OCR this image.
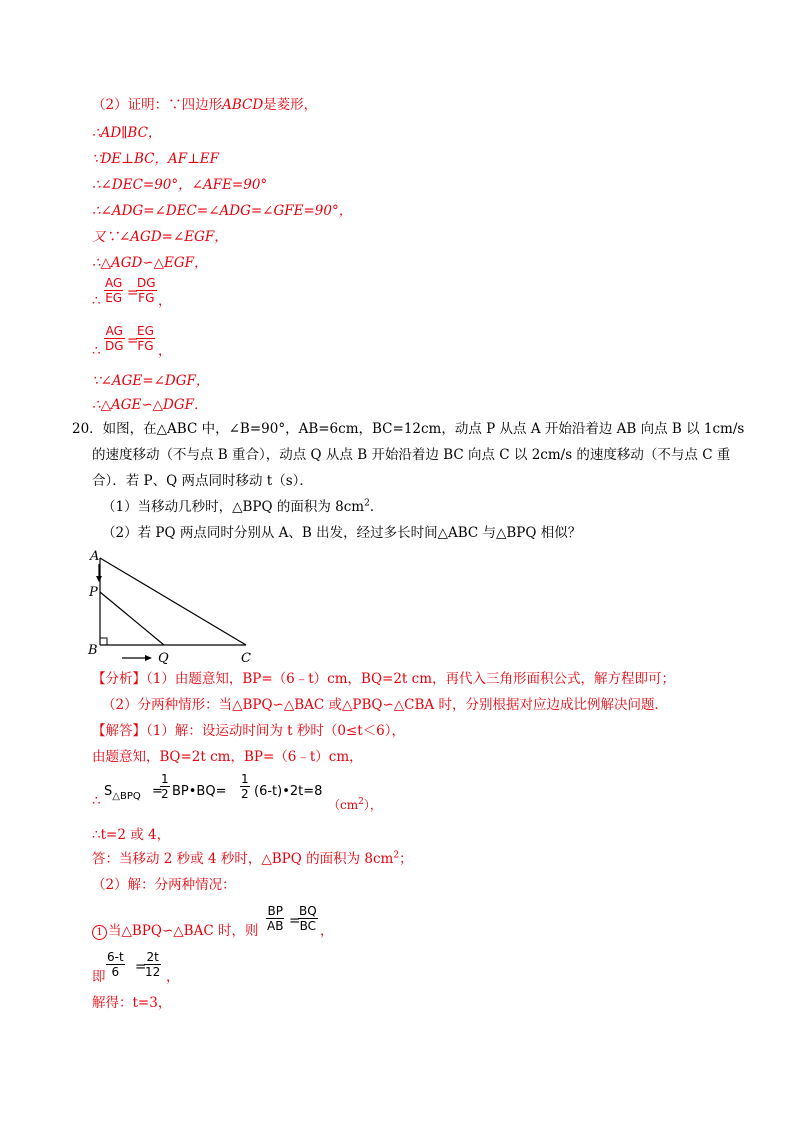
（2）证明：∵四边形ABCD是菱形，
∴AD∥BC，
∵DE⊥BC，AF⊥EF
∴∠DEC=90°，∠AFE=90°
∴∠ADG=∠DEC=∠ADG=∠GFE=90°，
又∵∠AGD=∠EGF，
∴△AGD∽△EGF，
∴
AG
EG =
DG
FG ，
∴
AG
DG =
EG
FG ，
∵∠AGE=∠DGF，
∴△AGE∽△DGF．
20．如图，在△ABC 中，∠B=90°，AB=6cm，BC=12cm，动点 P 从点 A 开始沿着边 AB 向点 B 以 1cm/s
的速度移动（不与点 B 重合），动点 Q 从点 B 开始沿着边 BC 向点 C 以 2cm/s 的速度移动（不与点 C 重
合）．若 P、Q 两点同时移动 t（s）．
（1）当移动几秒时，△BPQ 的面积为 $8cm^2$．
（2）若 PQ 两点同时分别从 A、B 出发，经过多长时间△ABC 与△BPQ 相似？
A
P
B
Q	C
【分析】（1）由题意知，BP=（6﹣t）cm，BQ=2t cm，再代入三角形面积公式，解方程即可；
（2）分两种情形：当△BPQ∽△BAC 或△PBQ∽△CBA 时，分别根据对应边成比例解决问题．
【解答】（1）解：设运动时间为 t 秒时（0≤t＜6），
由题意知，BQ=2t cm，BP=（6﹣t）cm，
∴
$S_{\triangle BPQ}$ =
1
2 BP•BQ=
1
2 (6-t)•2t=8
$(cm^2)$，
∴t=2 或 4，
答：当移动 2 秒或 4 秒时，△BPQ 的面积为 $8cm^2$；
（2）解：分两种情况：
1 当△BPQ∽△BAC 时，则
BP
AB =
BQ
BC ，
即
6-t
6 =
2t
12 ，
解得：t=3，
